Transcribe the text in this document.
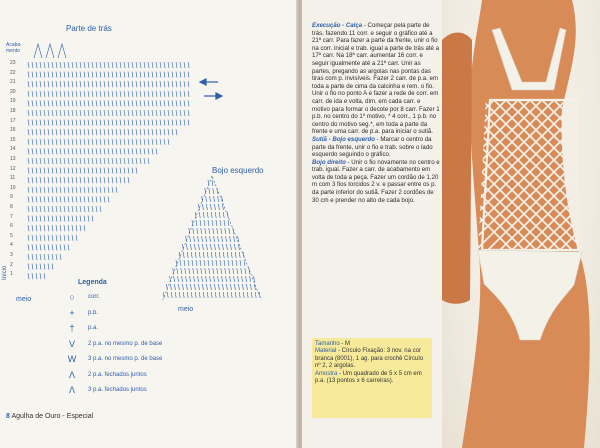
Parte de trás
Acaba- mento
Bojo esquerdo
Início
meio
meio
23
22
21
20
19
18
17
16
15
14
13
12
11
10
9
8
7
6
5
4
3
2
1
Legenda
○	corr.
+	p.b.
†	p.a.
V	2 p.a. no mesmo p. de base
W	3 p.a. no mesmo p. de base
Λ	2 p.a. fechados juntos
Ʌ	3 p.a. fechados juntos
8 Agulha de Ouro - Especial
Execução - Calça - Começar pela parte de trás, fazendo 11 corr. e seguir o gráfico até a 21ª carr. Para fazer a parte da frente, unir o fio na corr. inicial e trab. igual a parte de trás até a 17ª carr. Na 18ª carr. aumentar 16 corr. e seguir igualmente até a 21ª carr. Unir as partes, pregando as argolas nas pontas das tiras com p. invisíveis. Fazer 2 carr. de p.a. em toda a parte de cima da calcinha e rem. o fio. Unir o fio no ponto A e fazer a rede de corr. em carr. de ida e volta, dim. em cada carr. e motivo para formar o decote por 8 carr. Fazer 1 p.b. no centro do 1º motivo, * 4 corr., 1 p.b. no centro do motivo seg.*, em toda a parte da frente e uma carr. de p.a. para iniciar o sutiã.
Sutiã - Bojo esquerdo - Marcar o centro da parte da frente, unir o fio e trab. sobre o lado esquerdo seguindo o gráfico.
Bojo direito - Unir o fio novamente no centro e trab. igual. Fazer a carr. de acabamento em volta de toda a peça. Fazer um cordão de 1,20 m com 3 fios torcidos 2 v. e passar entre os p. da parte inferior do sutiã. Fazer 2 cordões de 30 cm e prender no alto de cada bojo.
Tamanho - M
Material - Círculo Fixação: 3 nov. na cor branca (8001), 1 ag. para crochê Círculo nº 2, 2 argolas.
Amostra - Um quadrado de 5 x 5 cm em p.a. (13 pontos x 6 carreiras).
